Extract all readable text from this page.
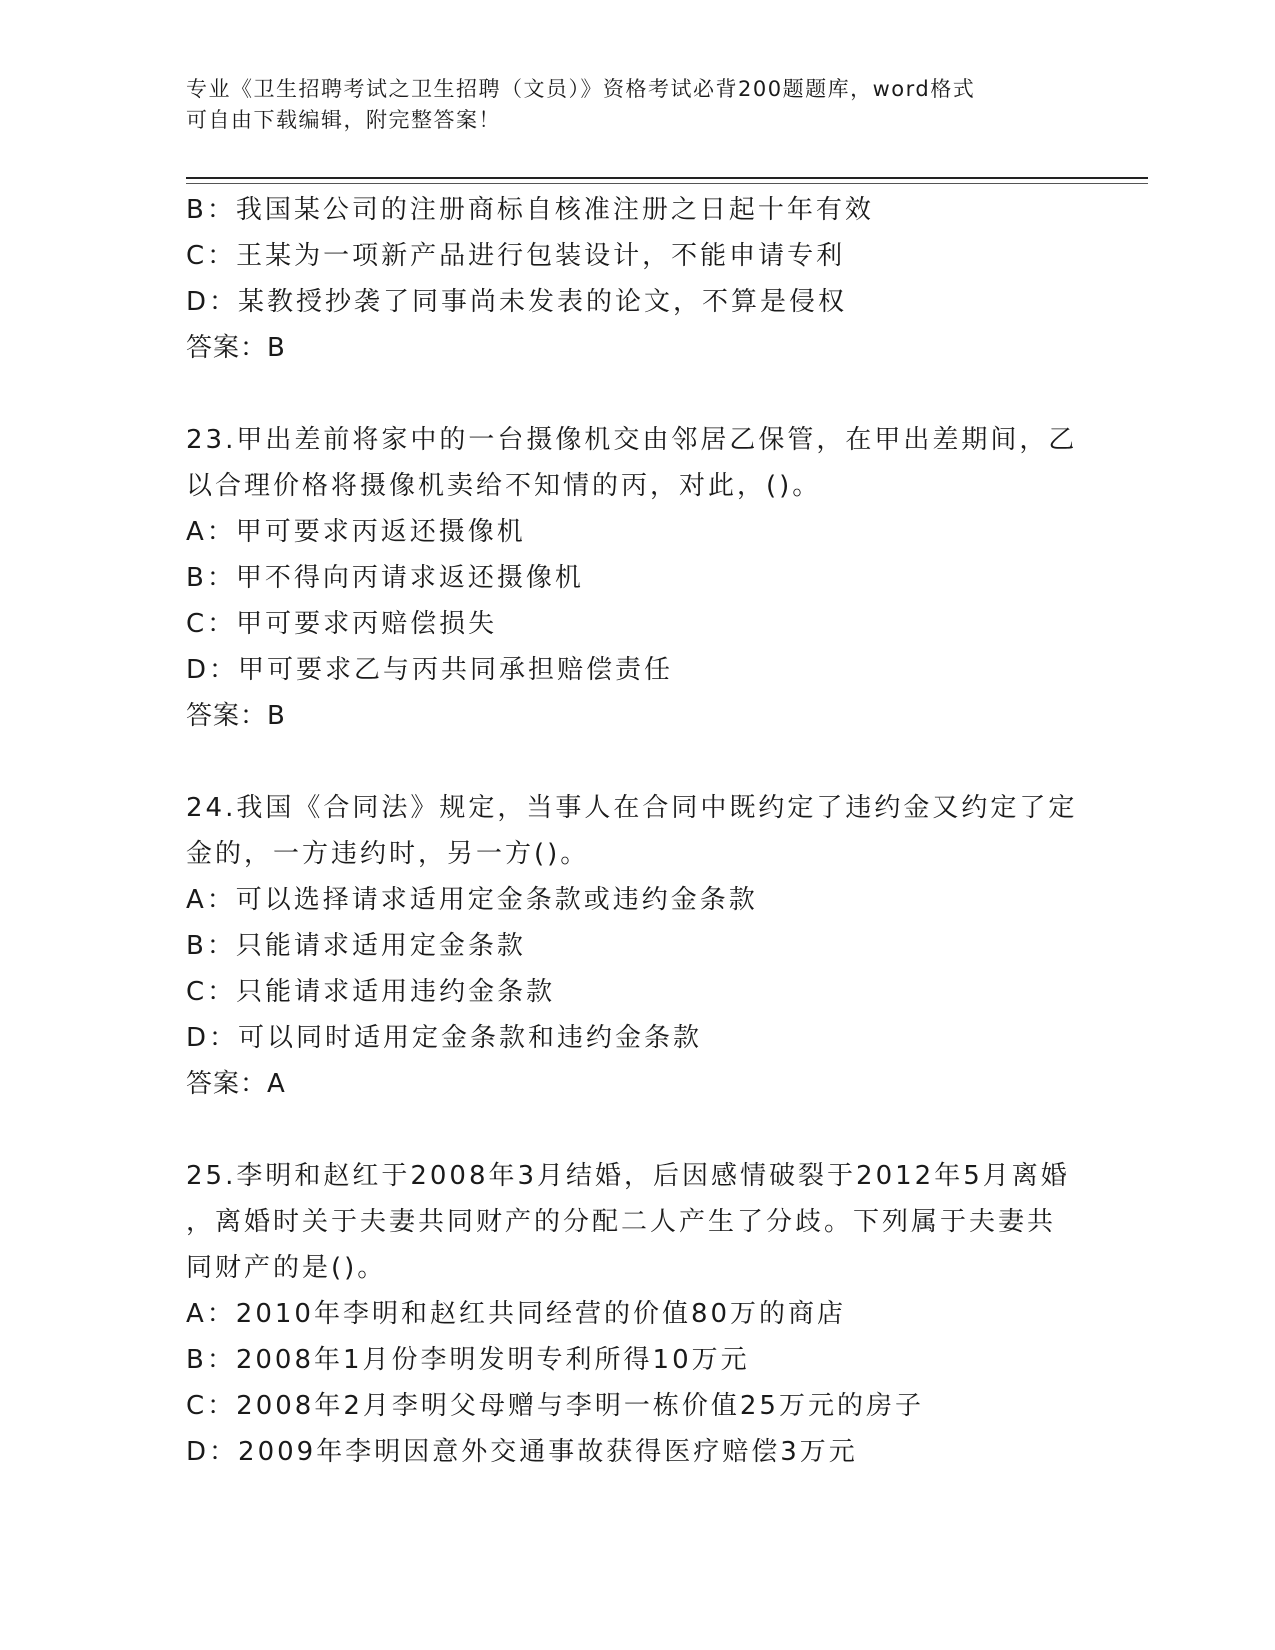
专业《卫生招聘考试之卫生招聘（文员）》资格考试必背200题题库，word格式
可自由下载编辑，附完整答案！
B：我国某公司的注册商标自核准注册之日起十年有效
C：王某为一项新产品进行包装设计，不能申请专利
D：某教授抄袭了同事尚未发表的论文，不算是侵权
答案：B
23.甲出差前将家中的一台摄像机交由邻居乙保管，在甲出差期间，乙
以合理价格将摄像机卖给不知情的丙，对此，()。
A：甲可要求丙返还摄像机
B：甲不得向丙请求返还摄像机
C：甲可要求丙赔偿损失
D：甲可要求乙与丙共同承担赔偿责任
答案：B
24.我国《合同法》规定，当事人在合同中既约定了违约金又约定了定
金的，一方违约时，另一方()。
A：可以选择请求适用定金条款或违约金条款
B：只能请求适用定金条款
C：只能请求适用违约金条款
D：可以同时适用定金条款和违约金条款
答案：A
25.李明和赵红于2008年3月结婚，后因感情破裂于2012年5月离婚
，离婚时关于夫妻共同财产的分配二人产生了分歧。下列属于夫妻共
同财产的是()。
A：2010年李明和赵红共同经营的价值80万的商店
B：2008年1月份李明发明专利所得10万元
C：2008年2月李明父母赠与李明一栋价值25万元的房子
D：2009年李明因意外交通事故获得医疗赔偿3万元
